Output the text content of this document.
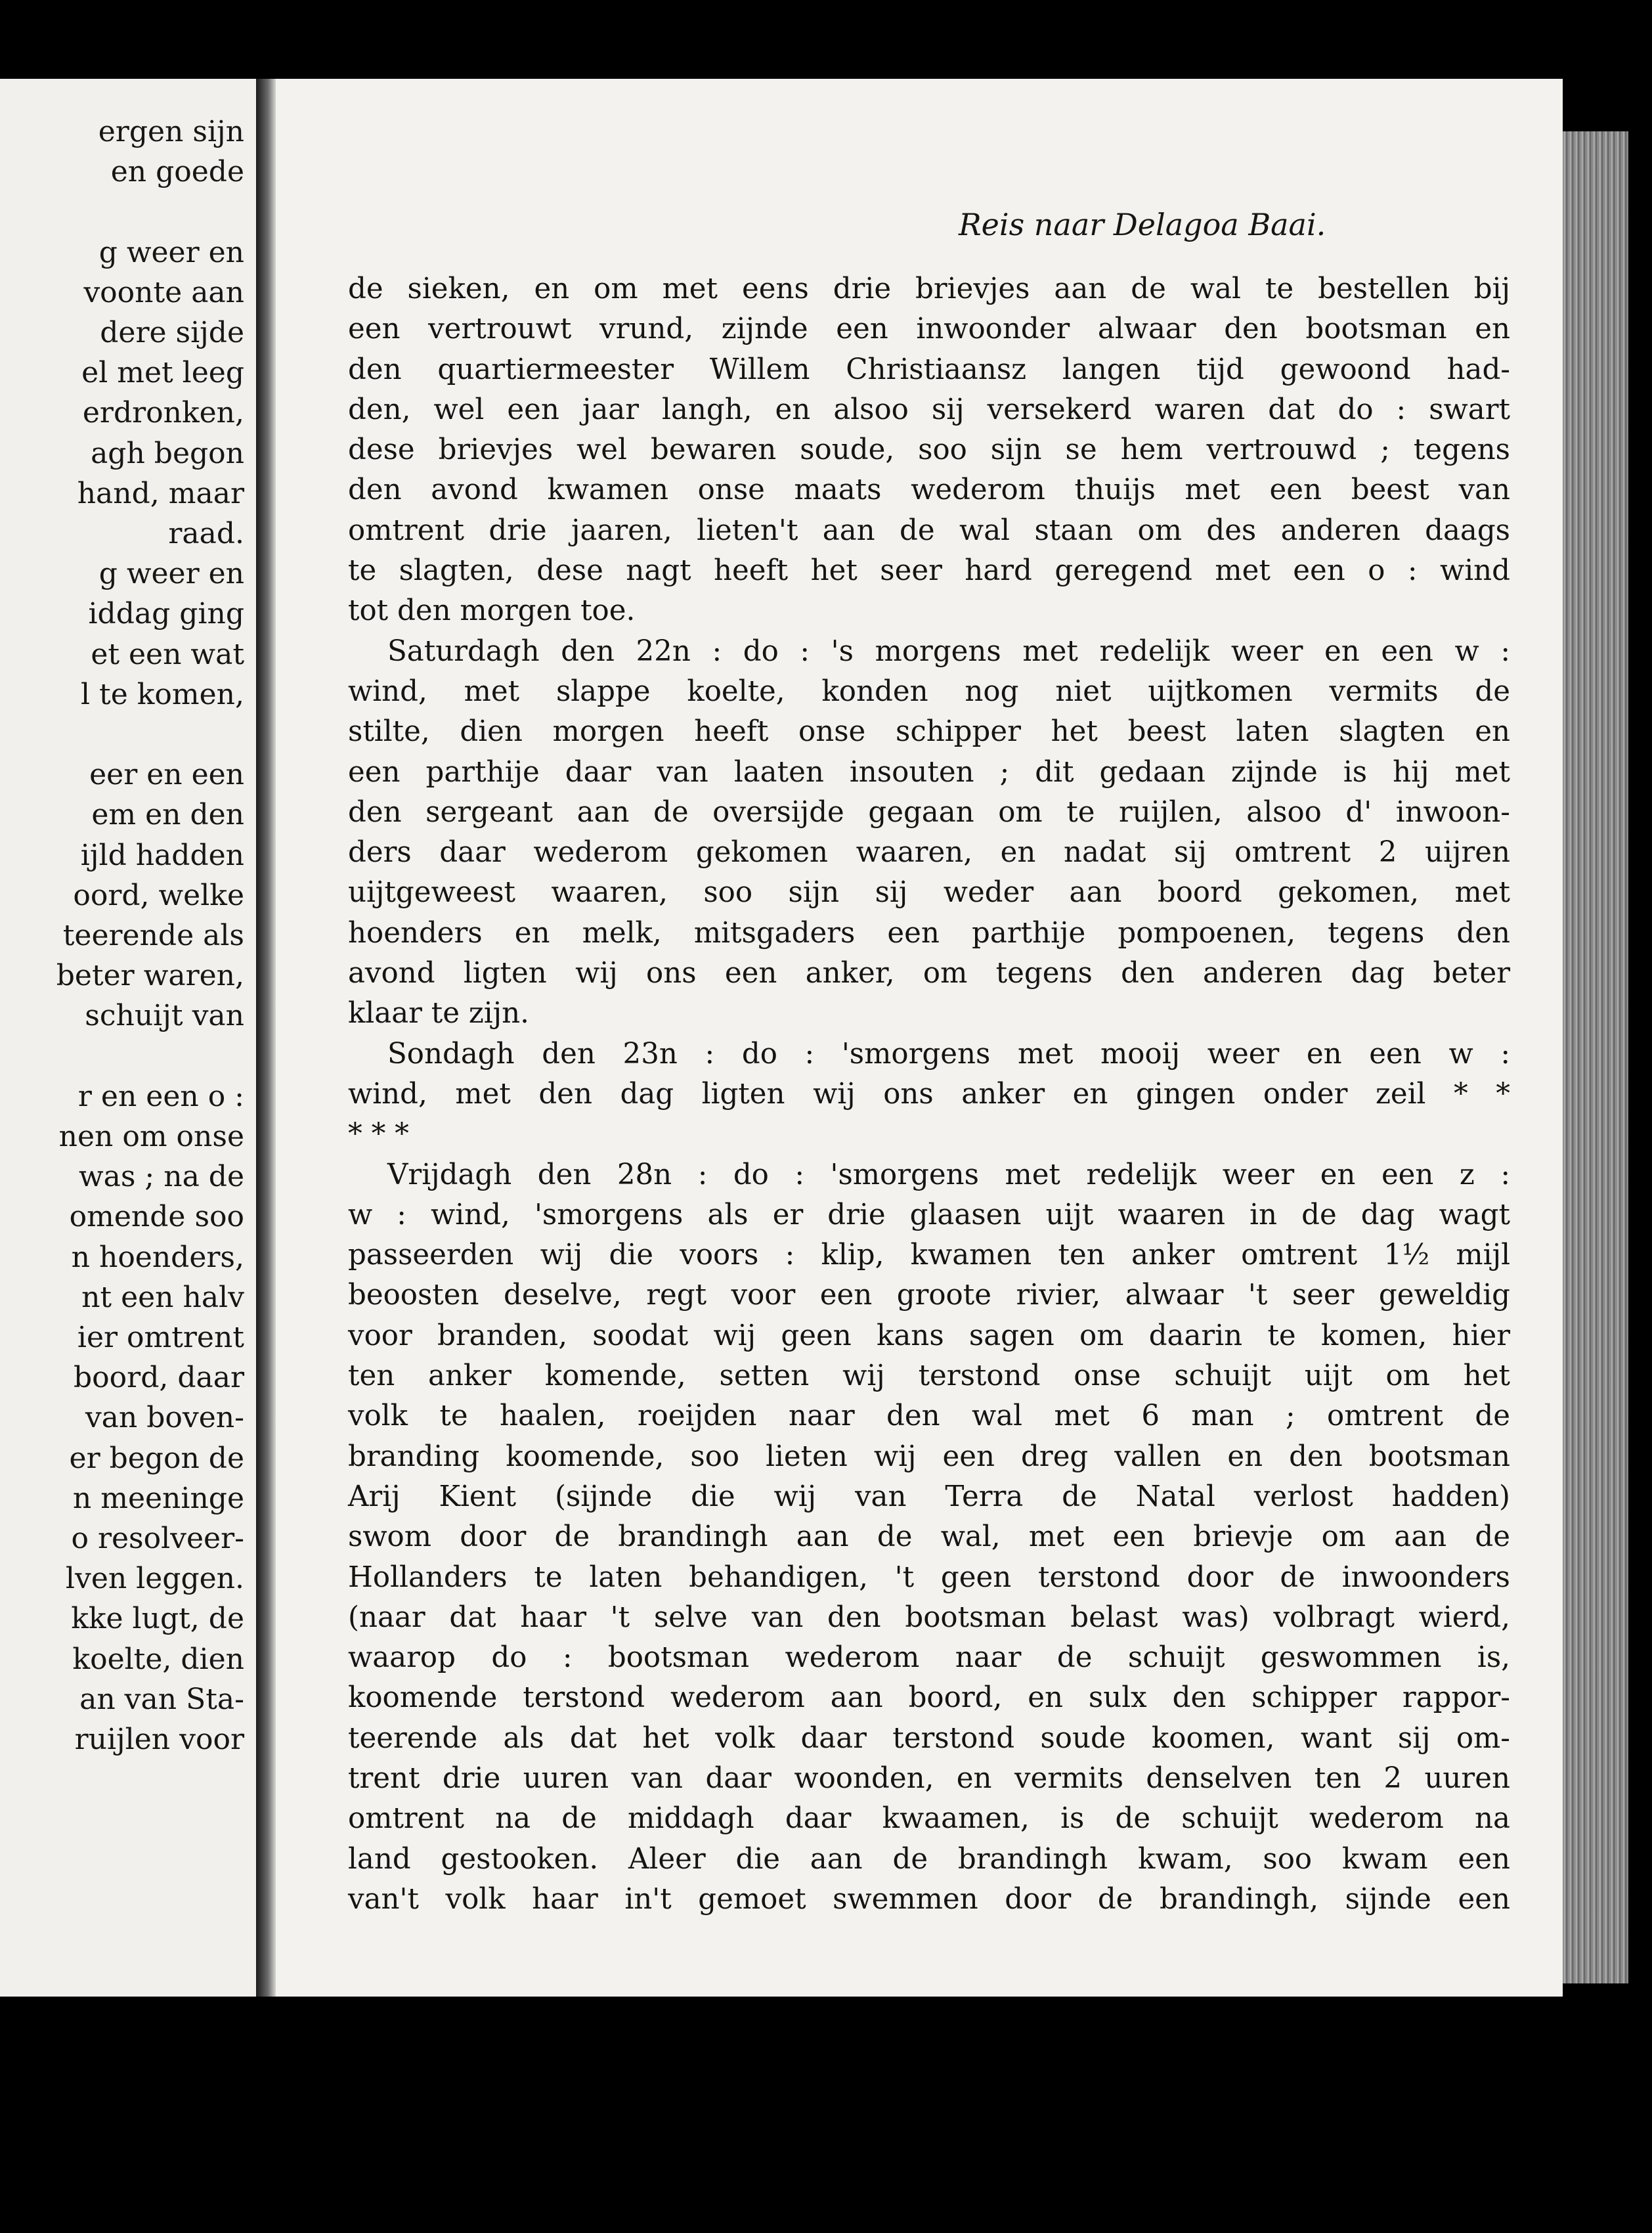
ergen sijn
en goede
g weer en
voonte aan
dere sijde
el met leeg
erdronken,
agh begon
hand, maar
raad.
g weer en
iddag ging
et een wat
l te komen,
eer en een
em en den
ijld hadden
oord, welke
teerende als
beter waren,
schuijt van
r en een o :
nen om onse
was ; na de
omende soo
n hoenders,
nt een halv
ier omtrent
boord, daar
van boven-
er begon de
n meeninge
o resolveer-
lven leggen.
kke lugt, de
koelte, dien
an van Sta-
ruijlen voor
Reis naar Delagoa Baai.
de sieken, en om met eens drie brievjes aan de wal te bestellen bij
een vertrouwt vrund, zijnde een inwoonder alwaar den bootsman en
den quartiermeester Willem Christiaansz langen tijd gewoond had-
den, wel een jaar langh, en alsoo sij versekerd waren dat do : swart
dese brievjes wel bewaren soude, soo sijn se hem vertrouwd ; tegens
den avond kwamen onse maats wederom thuijs met een beest van
omtrent drie jaaren, lieten't aan de wal staan om des anderen daags
te slagten, dese nagt heeft het seer hard geregend met een o : wind
tot den morgen toe.
Saturdagh den 22n : do : 's morgens met redelijk weer en een w :
wind, met slappe koelte, konden nog niet uijtkomen vermits de
stilte, dien morgen heeft onse schipper het beest laten slagten en
een parthije daar van laaten insouten ; dit gedaan zijnde is hij met
den sergeant aan de oversijde gegaan om te ruijlen, alsoo d' inwoon-
ders daar wederom gekomen waaren, en nadat sij omtrent 2 uijren
uijtgeweest waaren, soo sijn sij weder aan boord gekomen, met
hoenders en melk, mitsgaders een parthije pompoenen, tegens den
avond ligten wij ons een anker, om tegens den anderen dag beter
klaar te zijn.
Sondagh den 23n : do : 'smorgens met mooij weer en een w :
wind, met den dag ligten wij ons anker en gingen onder zeil * *
* * *
Vrijdagh den 28n : do : 'smorgens met redelijk weer en een z :
w : wind, 'smorgens als er drie glaasen uijt waaren in de dag wagt
passeerden wij die voors : klip, kwamen ten anker omtrent 1½ mijl
beoosten deselve, regt voor een groote rivier, alwaar 't seer geweldig
voor branden, soodat wij geen kans sagen om daarin te komen, hier
ten anker komende, setten wij terstond onse schuijt uijt om het
volk te haalen, roeijden naar den wal met 6 man ; omtrent de
branding koomende, soo lieten wij een dreg vallen en den bootsman
Arij Kient (sijnde die wij van Terra de Natal verlost hadden)
swom door de brandingh aan de wal, met een brievje om aan de
Hollanders te laten behandigen, 't geen terstond door de inwoonders
(naar dat haar 't selve van den bootsman belast was) volbragt wierd,
waarop do : bootsman wederom naar de schuijt geswommen is,
koomende terstond wederom aan boord, en sulx den schipper rappor-
teerende als dat het volk daar terstond soude koomen, want sij om-
trent drie uuren van daar woonden, en vermits denselven ten 2 uuren
omtrent na de middagh daar kwaamen, is de schuijt wederom na
land gestooken. Aleer die aan de brandingh kwam, soo kwam een
van't volk haar in't gemoet swemmen door de brandingh, sijnde een
